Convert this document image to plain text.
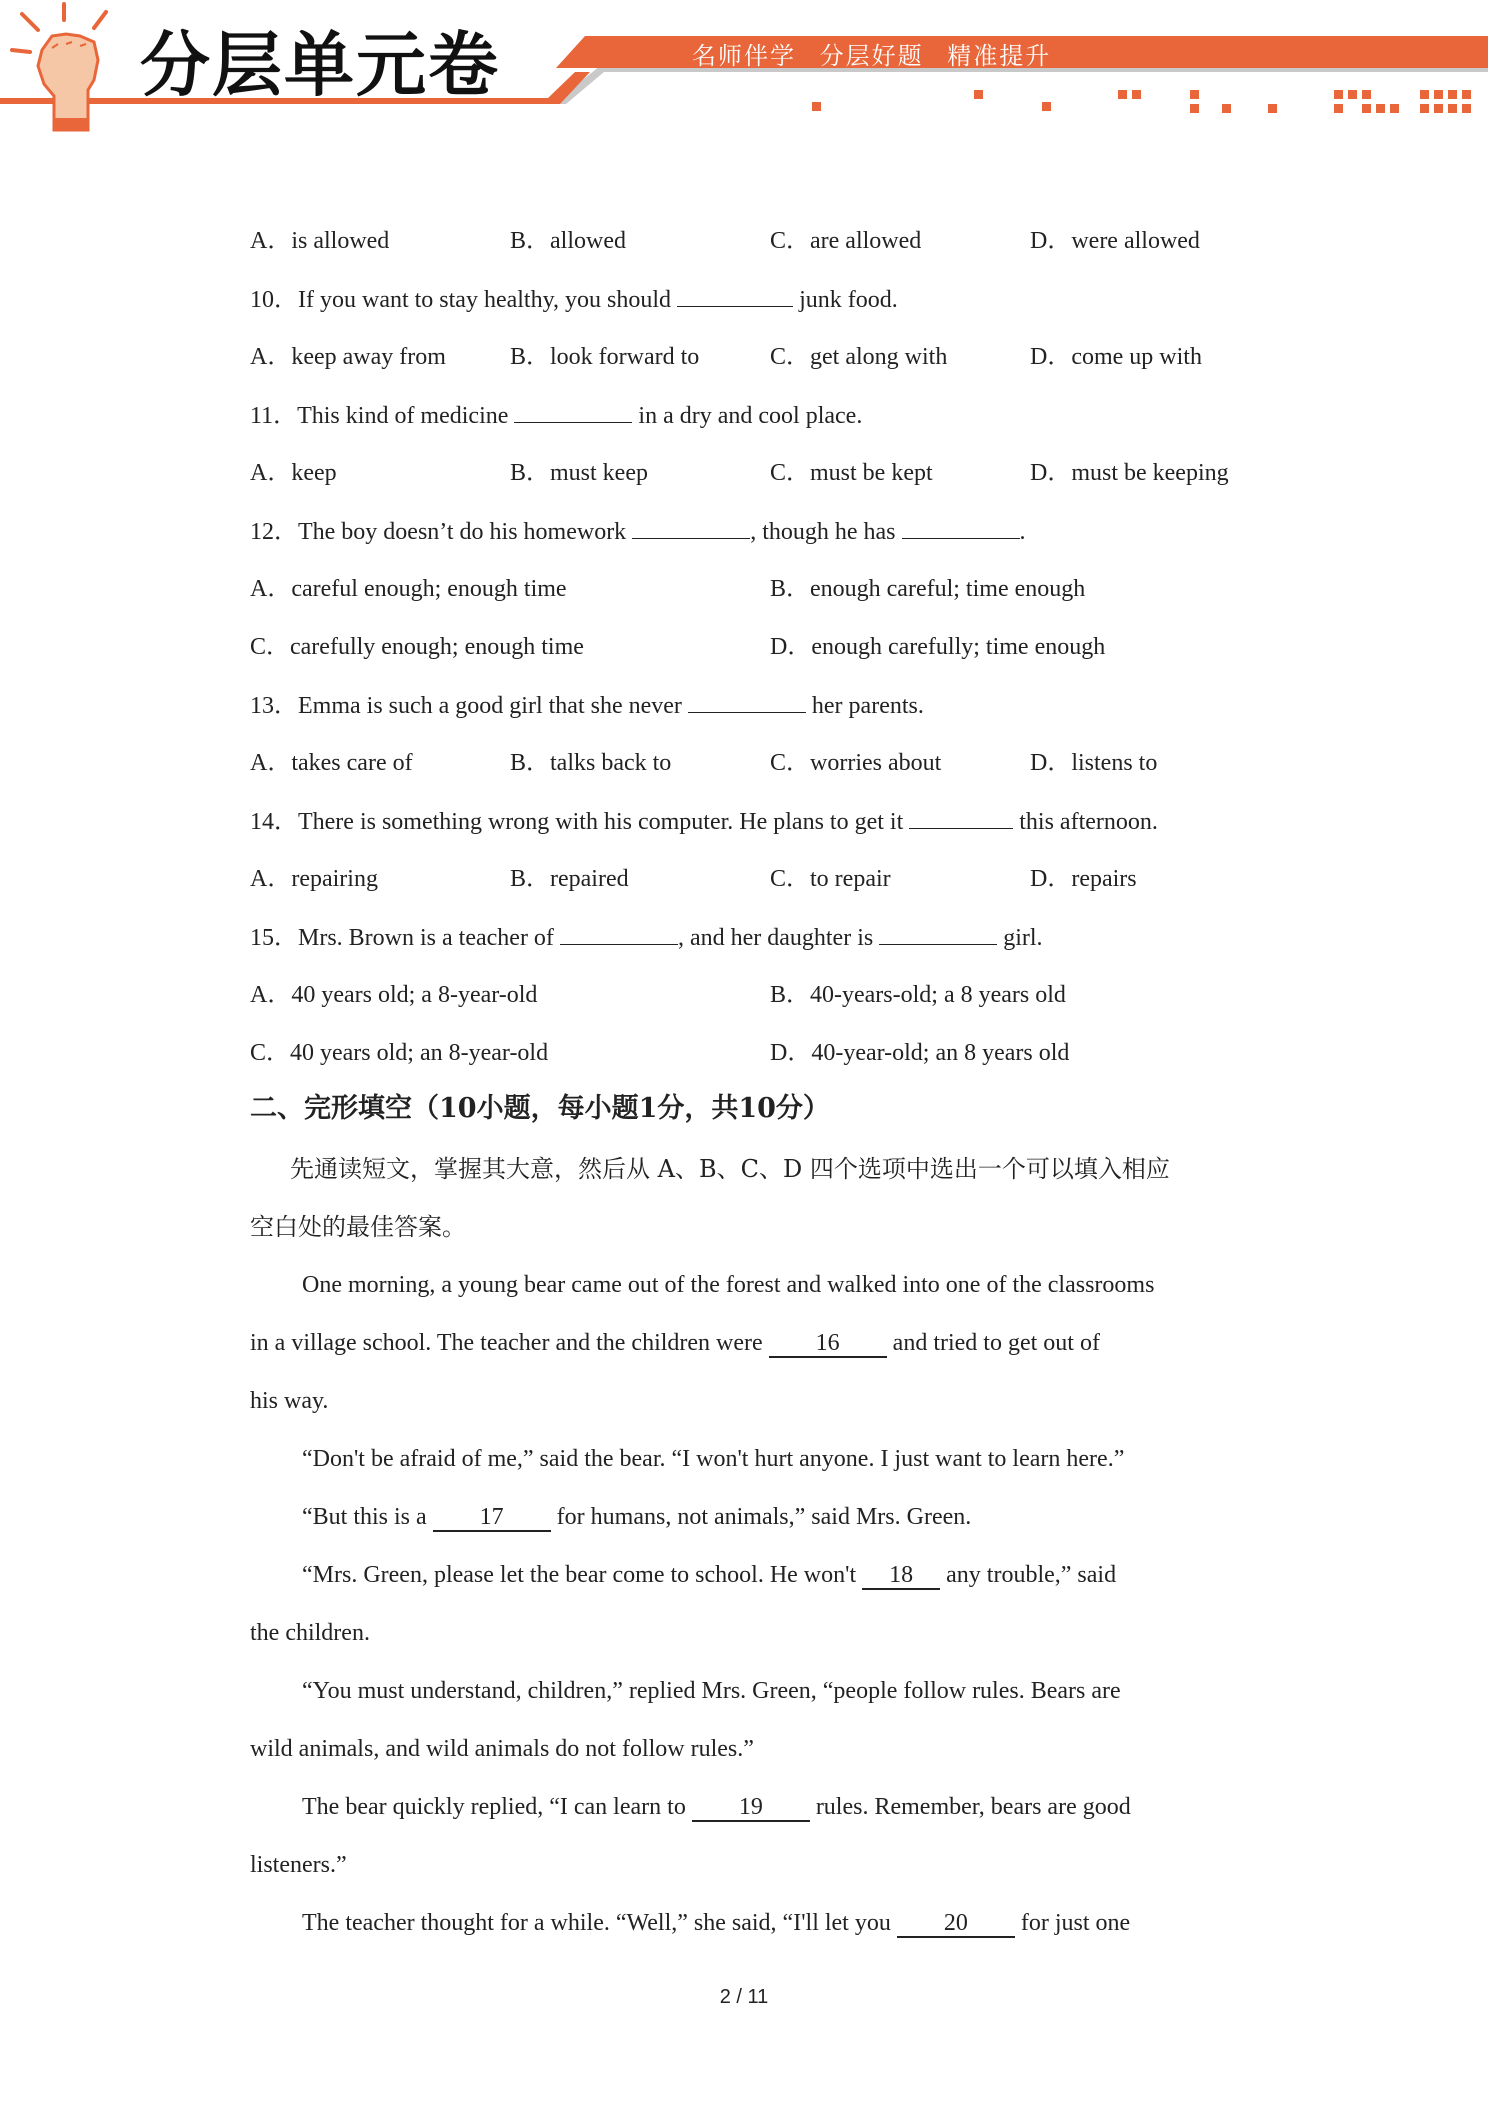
分层单元卷	名师伴学 分层好题 精准提升
A．is allowed	B．allowed	C．are allowed	D．were allowed
10．If you want to stay healthy, you should	junk food.
A．keep away from	B．look forward to	C．get along with	D．come up with
11．This kind of medicine	in a dry and cool place.
A．keep	B．must keep	C．must be kept	D．must be keeping
12．The boy doesn’t do his homework	, though he has	.
A．careful enough; enough time	B．enough careful; time enough
C．carefully enough; enough time	D．enough carefully; time enough
13．Emma is such a good girl that she never	her parents.
A．takes care of	B．talks back to	C．worries about	D．listens to
14．There is something wrong with his computer. He plans to get it	this afternoon.
A．repairing	B．repaired	C．to repair	D．repairs
15．Mrs. Brown is a teacher of	, and her daughter is	girl.
A．40 years old; a 8-year-old	B．40-years-old; a 8 years old
C．40 years old; an 8-year-old	D．40-year-old; an 8 years old
二、完形填空（10小题，每小题1分，共10分）
先通读短文，掌握其大意，然后从 A、B、C、D 四个选项中选出一个可以填入相应
空白处的最佳答案。
One morning, a young bear came out of the forest and walked into one of the classrooms
in a village school. The teacher and the children were 16 and tried to get out of
his way.
“Don't be afraid of me,” said the bear. “I won't hurt anyone. I just want to learn here.”
“But this is a 17 for humans, not animals,” said Mrs. Green.
“Mrs. Green, please let the bear come to school. He won't 18 any trouble,” said
the children.
“You must understand, children,” replied Mrs. Green, “people follow rules. Bears are
wild animals, and wild animals do not follow rules.”
The bear quickly replied, “I can learn to 19 rules. Remember, bears are good
listeners.”
The teacher thought for a while. “Well,” she said, “I'll let you 20 for just one
2 / 11
